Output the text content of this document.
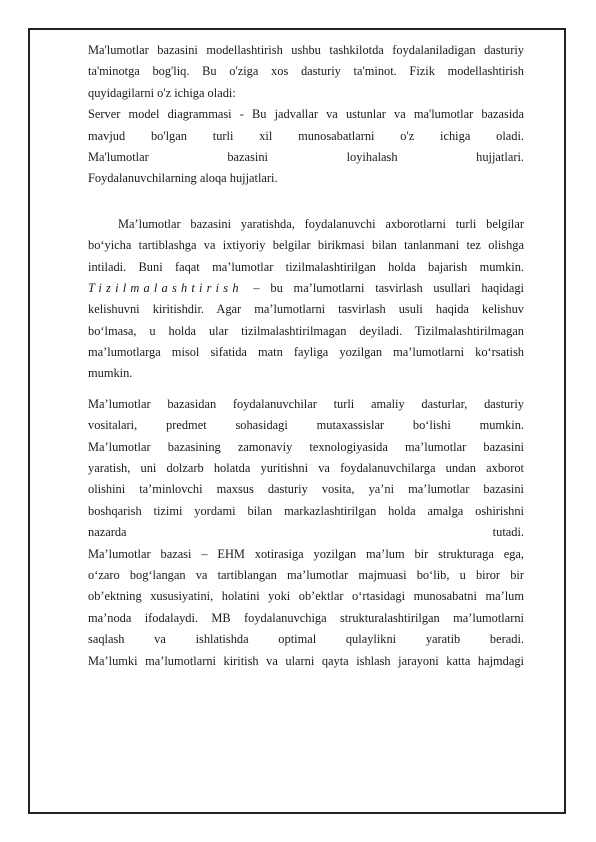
Ma'lumotlar bazasini modellashtirish ushbu tashkilotda foydalaniladigan dasturiy
ta'minotga bog'liq. Bu o'ziga xos dasturiy ta'minot. Fizik modellashtirish
quyidagilarni o'z ichiga oladi:
Server model diagrammasi - Bu jadvallar va ustunlar va ma'lumotlar bazasida
mavjud bo'lgan turli xil munosabatlarni o'z ichiga oladi.
Ma'lumotlar bazasini loyihalash hujjatlari.
Foydalanuvchilarning aloqa hujjatlari.
Ma’lumotlar bazasini yaratishda, foydalanuvchi axborotlarni turli belgilar
bo‘yicha tartiblashga va ixtiyoriy belgilar birikmasi bilan tanlanmani tez olishga
intiladi. Buni faqat ma’lumotlar tizilmalashtirilgan holda bajarish mumkin.
Tizilmalashtirish – bu ma’lumotlarni tasvirlash usullari haqidagi
kelishuvni kiritishdir. Agar ma’lumotlarni tasvirlash usuli haqida kelishuv
bo‘lmasa, u holda ular tizilmalashtirilmagan deyiladi. Tizilmalashtirilmagan
ma’lumotlarga misol sifatida matn fayliga yozilgan ma’lumotlarni ko‘rsatish
mumkin.
Ma’lumotlar bazasidan foydalanuvchilar turli amaliy dasturlar, dasturiy
vositalari, predmet sohasidagi mutaxassislar bo‘lishi mumkin.
Ma’lumotlar bazasining zamonaviy texnologiyasida ma’lumotlar bazasini
yaratish, uni dolzarb holatda yuritishni va foydalanuvchilarga undan axborot
olishini ta’minlovchi maxsus dasturiy vosita, ya’ni ma’lumotlar bazasini
boshqarish tizimi yordami bilan markazlashtirilgan holda amalga oshirishni
nazarda tutadi.
Ma’lumotlar bazasi – EHM xotirasiga yozilgan ma’lum bir strukturaga ega,
o‘zaro bog‘langan va tartiblangan ma’lumotlar majmuasi bo‘lib, u biror bir
ob’ektning xususiyatini, holatini yoki ob’ektlar o‘rtasidagi munosabatni ma’lum
ma’noda ifodalaydi. MB foydalanuvchiga strukturalashtirilgan ma’lumotlarni
saqlash va ishlatishda optimal qulaylikni yaratib beradi.
Ma’lumki ma’lumotlarni kiritish va ularni qayta ishlash jarayoni katta hajmdagi
